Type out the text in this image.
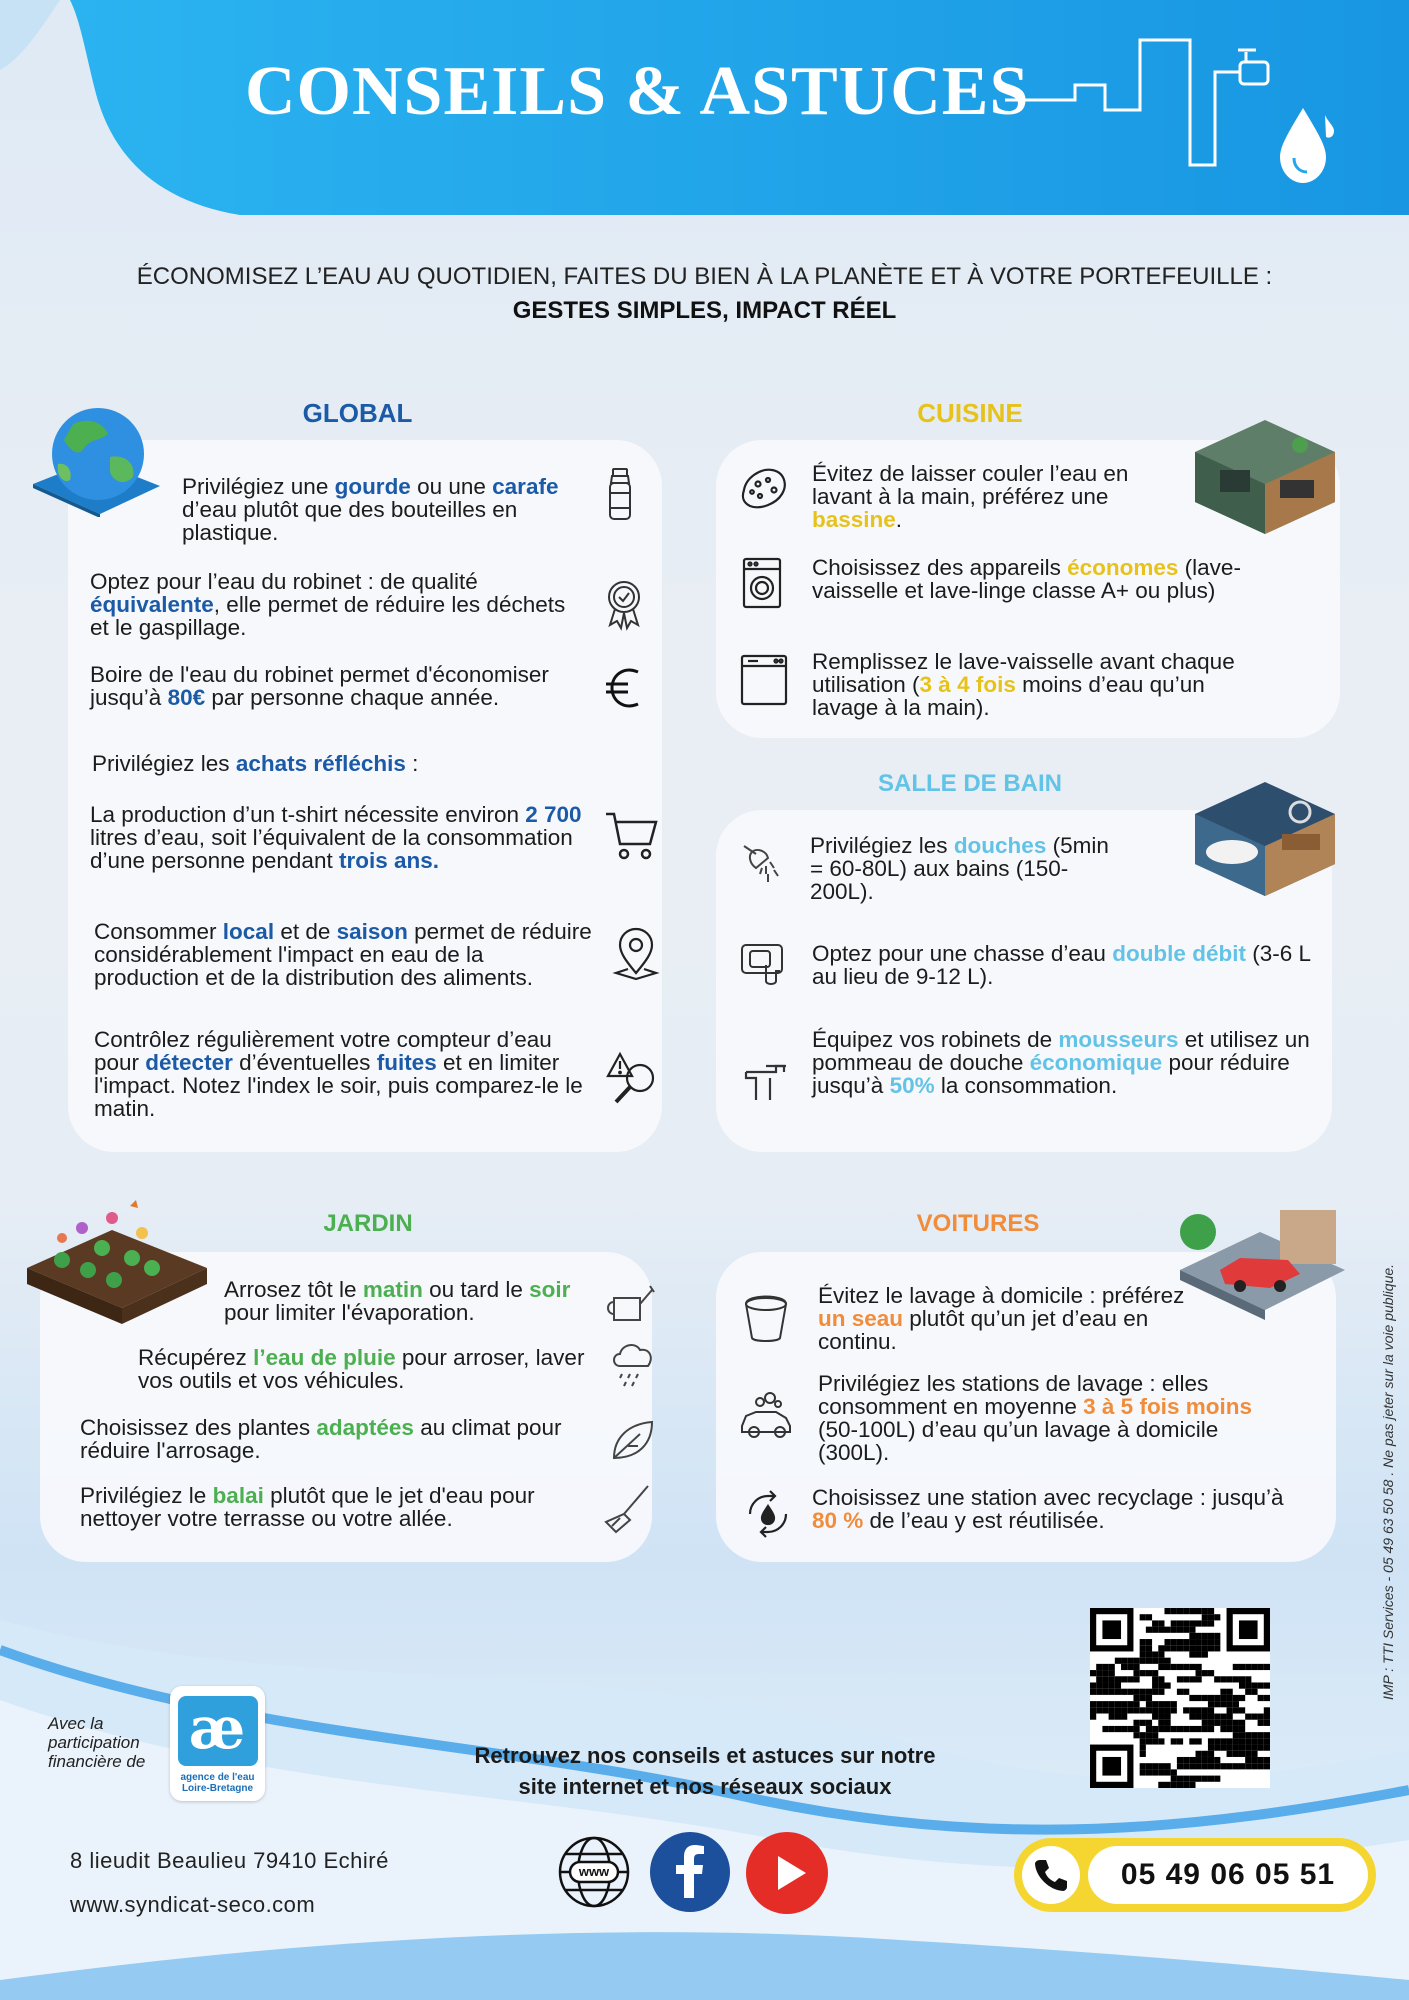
CONSEILS & ASTUCES
ÉCONOMISEZ L’EAU AU QUOTIDIEN, FAITES DU BIEN À LA PLANÈTE ET À VOTRE PORTEFEUILLE :
GESTES SIMPLES, IMPACT RÉEL
GLOBAL
Privilégiez une gourde ou une carafe d’eau plutôt que des bouteilles en plastique.
Optez pour l’eau du robinet : de qualité équivalente, elle permet de réduire les déchets et le gaspillage.
Boire de l'eau du robinet permet d'économiser jusqu’à 80€ par personne chaque année.
Privilégiez les achats réfléchis :
La production d’un t-shirt nécessite environ 2 700 litres d’eau, soit l’équivalent de la consommation d’une personne pendant trois ans.
Consommer local et de saison permet de réduire considérablement l'impact en eau de la production et de la distribution des aliments.
Contrôlez régulièrement votre compteur d’eau pour détecter d’éventuelles fuites et en limiter l'impact. Notez l'index le soir, puis comparez-le le matin.
CUISINE
Évitez de laisser couler l’eau en lavant à la main, préférez une bassine.
Choisissez des appareils économes (lave-vaisselle et lave-linge classe A+ ou plus)
Remplissez le lave-vaisselle avant chaque utilisation (3 à 4 fois moins d’eau qu’un lavage à la main).
SALLE DE BAIN
Privilégiez les douches (5min = 60-80L) aux bains (150-200L).
Optez pour une chasse d’eau double débit (3-6 L au lieu de 9-12 L).
Équipez vos robinets de mousseurs et utilisez un pommeau de douche économique pour réduire jusqu’à 50% la consommation.
JARDIN
Arrosez tôt le matin ou tard le soir pour limiter l'évaporation.
Récupérez l’eau de pluie pour arroser, laver vos outils et vos véhicules.
Choisissez des plantes adaptées au climat pour réduire l'arrosage.
Privilégiez le balai plutôt que le jet d'eau pour nettoyer votre terrasse ou votre allée.
VOITURES
Évitez le lavage à domicile : préférez un seau plutôt qu’un jet d’eau en continu.
Privilégiez les stations de lavage : elles consomment en moyenne 3 à 5 fois moins (50-100L) d’eau qu’un lavage à domicile (300L).
Choisissez une station avec recyclage : jusqu’à 80 % de l’eau y est réutilisée.
Avec la
participation
financière de æ
agence de l'eau
Loire-Bretagne
Retrouvez nos conseils et astuces sur notre
site internet et nos réseaux sociaux
8 lieudit Beaulieu 79410 Echiré
www.syndicat-seco.com
www	05 49 06 05 51
IMP : TTI Services - 05 49 63 50 58 . Ne pas jeter sur la voie publique.
